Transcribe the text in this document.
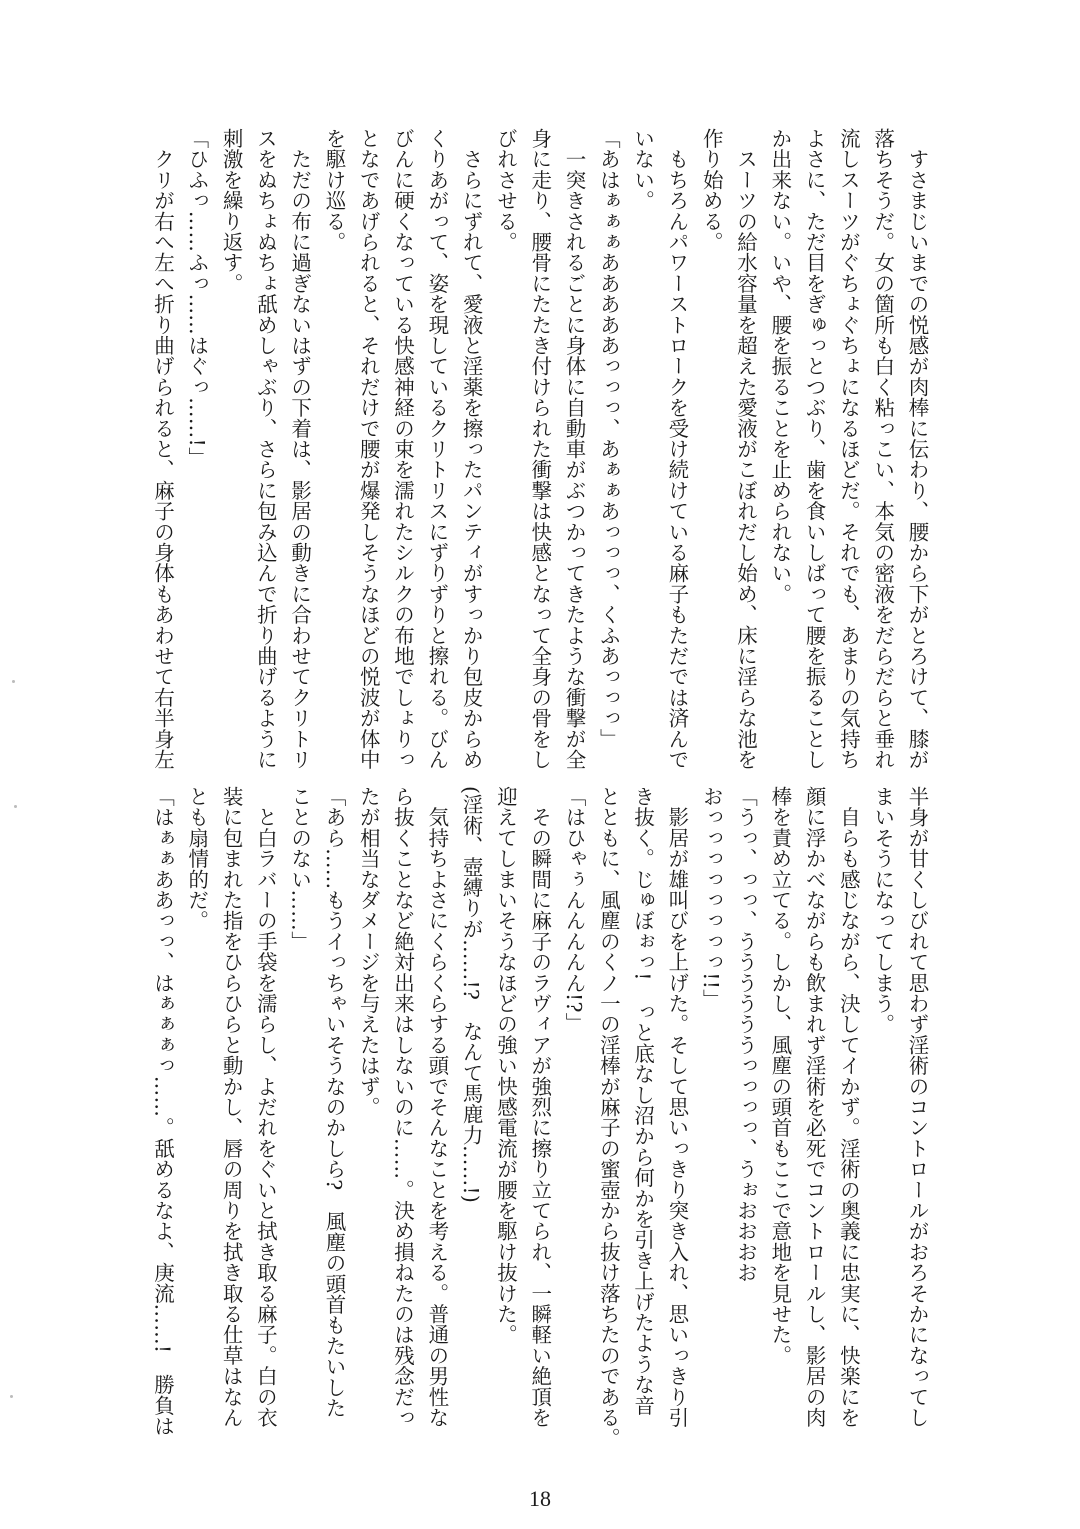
　すさまじいまでの悦感が肉棒に伝わり、腰から下がとろけて、膝が
落ちそうだ。女の箇所も白く粘っこい、本気の密液をだらだらと垂れ
流しスーツがぐちょぐちょになるほどだ。それでも、あまりの気持ち
よさに、ただ目をぎゅっとつぶり、歯を食いしばって腰を振ることし
か出来ない。いや、腰を振ることを止められない。
　スーツの給水容量を超えた愛液がこぼれだし始め、床に淫らな池を
作り始める。
　もちろんパワーストロークを受け続けている麻子もただでは済んで
いない。
「あはぁぁぁあああああっっっ、あぁぁあっっっ、くふあっっっ」
　一突きされるごとに身体に自動車がぶつかってきたような衝撃が全
身に走り、腰骨にたたき付けられた衝撃は快感となって全身の骨をし
びれさせる。
　さらにずれて、愛液と淫薬を擦ったパンティがすっかり包皮からめ
くりあがって、姿を現しているクリトリスにずりずりと擦れる。びん
びんに硬くなっている快感神経の束を濡れたシルクの布地でしょりっ
となであげられると、それだけで腰が爆発しそうなほどの悦波が体中
を駆け巡る。
　ただの布に過ぎないはずの下着は、影居の動きに合わせてクリトリ
スをぬちょぬちょ舐めしゃぶり、さらに包み込んで折り曲げるように
刺激を繰り返す。
「ひふっ……ふっ……はぐっ……!」
　クリが右へ左へ折り曲げられると、麻子の身体もあわせて右半身左
半身が甘くしびれて思わず淫術のコントロールがおろそかになってし
まいそうになってしまう。
　自らも感じながら、決してイかず。淫術の奥義に忠実に、快楽にを
顔に浮かべながらも飲まれず淫術を必死でコントロールし、影居の肉
棒を責め立てる。しかし、風塵の頭首もここで意地を見せた。
「うっ、っっ、ううううううっっっっ、うぉおおおお
おっっっっっっっっ!!」
　影居が雄叫びを上げた。そして思いっきり突き入れ、思いっきり引
き抜く。じゅぼぉっ!　っと底なし沼から何かを引き上げたような音
とともに、風塵のくノ一の淫棒が麻子の蜜壺から抜け落ちたのである。
「はひゃぅんんんんん!?」
　その瞬間に麻子のラヴィアが強烈に擦り立てられ、一瞬軽い絶頂を
迎えてしまいそうなほどの強い快感電流が腰を駆け抜けた。
(淫術、壺縛りが……!?　なんて馬鹿力……!)
　気持ちよさにくらくらする頭でそんなことを考える。普通の男性な
ら抜くことなど絶対出来はしないのに……。決め損ねたのは残念だっ
たが相当なダメージを与えたはず。
「あら……もうイっちゃいそうなのかしら?　風塵の頭首もたいした
ことのない……」
　と白ラバーの手袋を濡らし、よだれをぐいと拭き取る麻子。白の衣
装に包まれた指をひらひらと動かし、唇の周りを拭き取る仕草はなん
とも扇情的だ。
「はぁぁああっっ、はぁぁぁっ……。舐めるなよ、庚流……!　勝負は
18
